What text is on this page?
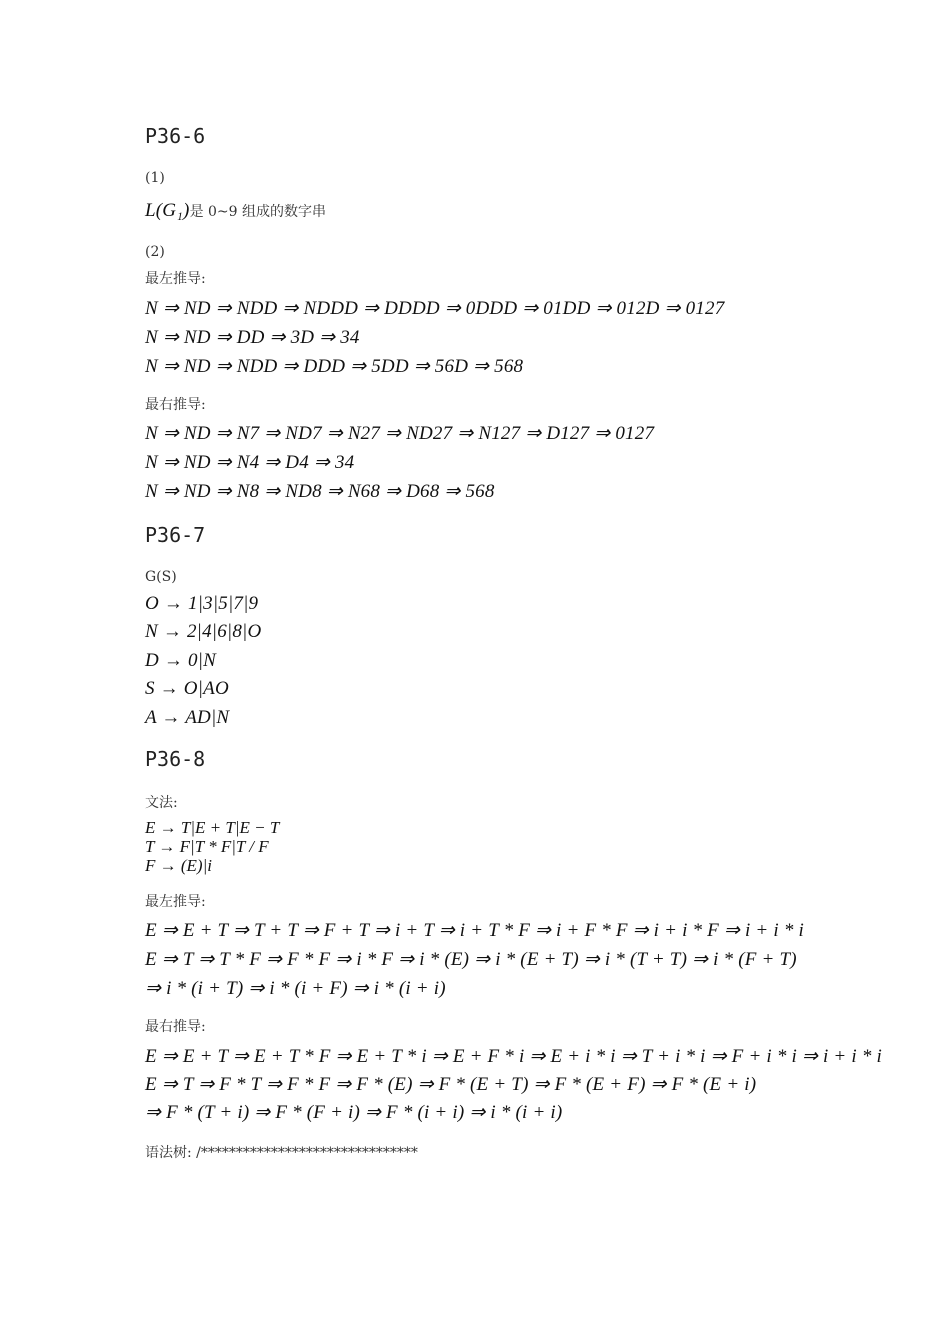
P36-6
(1)
L(G₁)是 0~9 组成的数字串
(2)
最左推导:
N ⇒ ND ⇒ NDD ⇒ NDDD ⇒ DDDD ⇒ 0DDD ⇒ 01DD ⇒ 012D ⇒ 0127
N ⇒ ND ⇒ DD ⇒ 3D ⇒ 34
N ⇒ ND ⇒ NDD ⇒ DDD ⇒ 5DD ⇒ 56D ⇒ 568
最右推导:
N ⇒ ND ⇒ N7 ⇒ ND7 ⇒ N27 ⇒ ND27 ⇒ N127 ⇒ D127 ⇒ 0127
N ⇒ ND ⇒ N4 ⇒ D4 ⇒ 34
N ⇒ ND ⇒ N8 ⇒ ND8 ⇒ N68 ⇒ D68 ⇒ 568
P36-7
G(S)
O → 1|3|5|7|9
N → 2|4|6|8|O
D → 0|N
S → O|AO
A → AD|N
P36-8
文法:
E → T|E + T|E − T
T → F|T * F|T / F
F → (E)|i
最左推导:
E ⇒ E + T ⇒ T + T ⇒ F + T ⇒ i + T ⇒ i + T * F ⇒ i + F * F ⇒ i + i * F ⇒ i + i * i
E ⇒ T ⇒ T * F ⇒ F * F ⇒ i * F ⇒ i * (E) ⇒ i * (E + T) ⇒ i * (T + T) ⇒ i * (F + T)
⇒ i * (i + T) ⇒ i * (i + F) ⇒ i * (i + i)
最右推导:
E ⇒ E + T ⇒ E + T * F ⇒ E + T * i ⇒ E + F * i ⇒ E + i * i ⇒ T + i * i ⇒ F + i * i ⇒ i + i * i
E ⇒ T ⇒ F * T ⇒ F * F ⇒ F * (E) ⇒ F * (E + T) ⇒ F * (E + F) ⇒ F * (E + i)
⇒ F * (T + i) ⇒ F * (F + i) ⇒ F * (i + i) ⇒ i * (i + i)
语法树: /*******************************
